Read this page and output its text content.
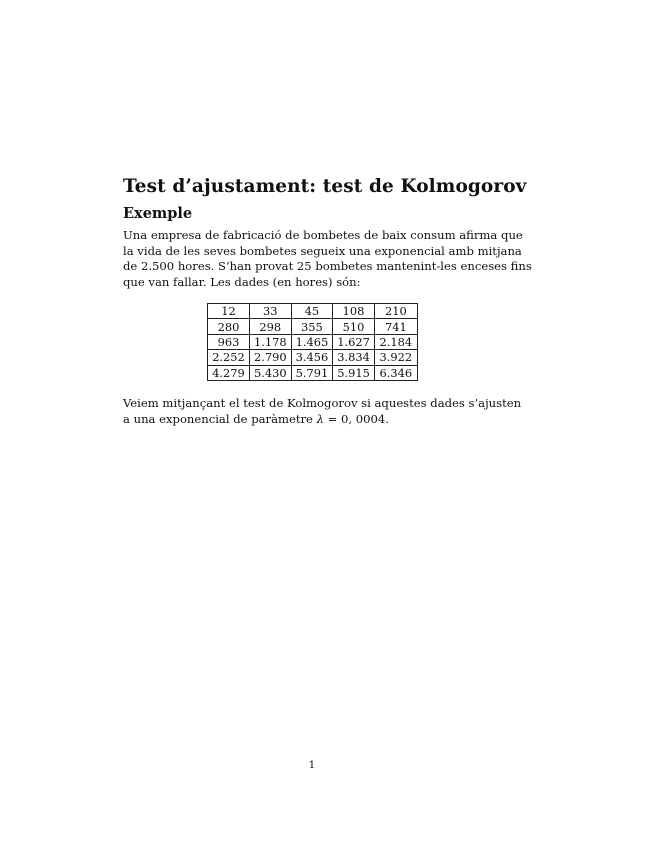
Test d’ajustament: test de Kolmogorov
Exemple
Una empresa de fabricació de bombetes de baix consum afirma que
la vida de les seves bombetes segueix una exponencial amb mitjana
de 2.500 hores. S’han provat 25 bombetes mantenint-les enceses fins
que van fallar. Les dades (en hores) són:
12	33	45	108	210
280	298	355	510	741
963	1.178	1.465	1.627	2.184
2.252	2.790	3.456	3.834	3.922
4.279	5.430	5.791	5.915	6.346
Veiem mitjançant el test de Kolmogorov si aquestes dades s’ajusten
a una exponencial de paràmetre λ = 0, 0004.
1
